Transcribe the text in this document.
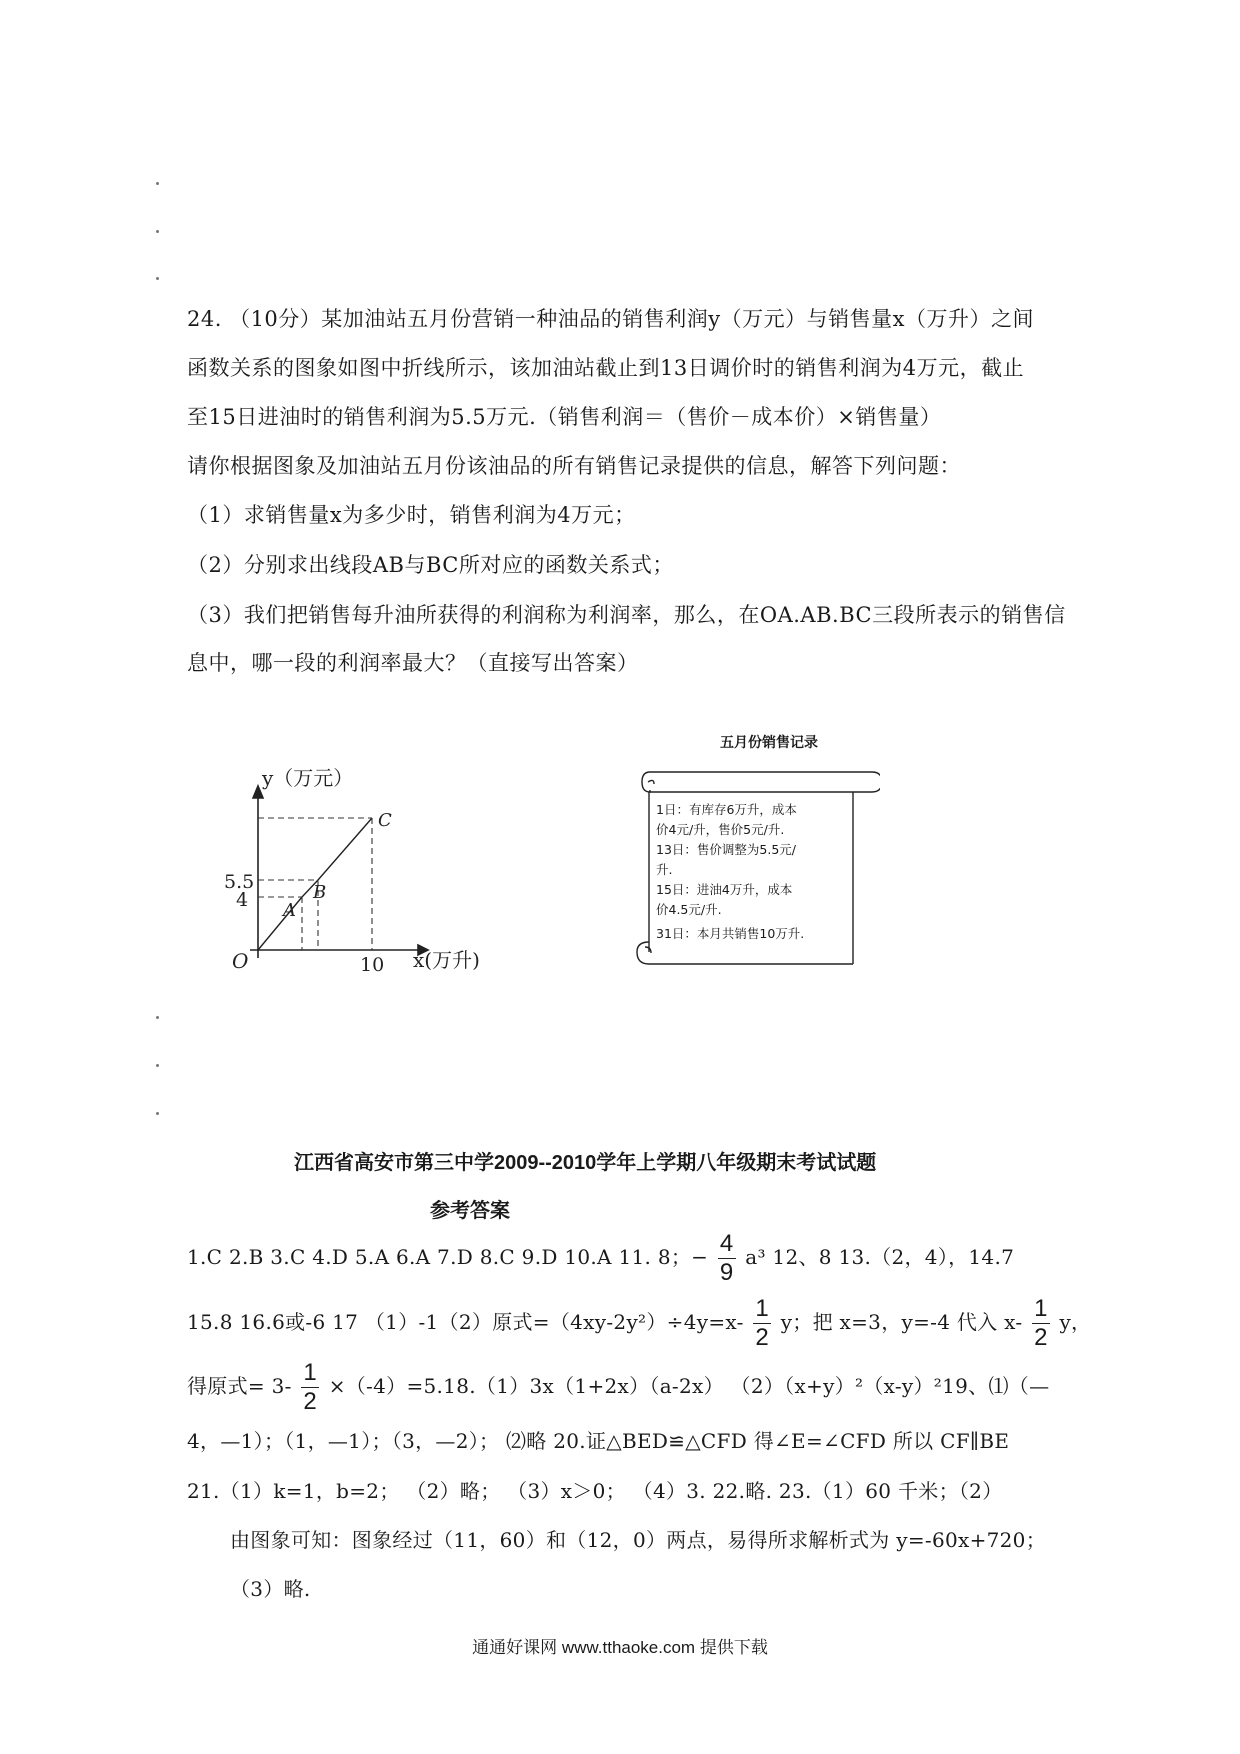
24. （10分）某加油站五月份营销一种油品的销售利润y（万元）与销售量x（万升）之间
函数关系的图象如图中折线所示，该加油站截止到13日调价时的销售利润为4万元，截止
至15日进油时的销售利润为5.5万元.（销售利润＝（售价－成本价）×销售量）
请你根据图象及加油站五月份该油品的所有销售记录提供的信息，解答下列问题：
（1）求销售量x为多少时，销售利润为4万元；
（2）分别求出线段AB与BC所对应的函数关系式；
（3）我们把销售每升油所获得的利润称为利润率，那么，在OA.AB.BC三段所表示的销售信
息中，哪一段的利润率最大？（直接写出答案）
y（万元）
x(万升)
O
5.5
4
10
A
B
C
五月份销售记录
1日：有库存6万升，成本
价4元/升，售价5元/升.
13日：售价调整为5.5元/
升.
15日：进油4万升，成本
价4.5元/升.
31日：本月共销售10万升.
江西省高安市第三中学2009--2010学年上学期八年级期末考试试题
参考答案
1.C 2.B 3.C 4.D 5.A 6.A 7.D 8.C 9.D 10.A 11. 8；− $\frac{4}{9} a^3$ 12、8 13.（2，4），14.7
15.8 16.6或-6 17 （1）-1（2）原式$=(4xy-2y^2)\div 4y=x- \frac{1}{2}$ y；把 x=3，y=-4 代入 $x- \frac{1}{2}$ y，
得原式= $3- \frac{1}{2} \times(-4)=5.18.(1)3x(1+2x)(a-2x)$ （2）（x+y）²（x-y）²19、⑴（—
4，—1）；（1，—1）；（3，—2）； ⑵略 20.证△BED≌△CFD 得∠E=∠CFD 所以 CF∥BE
21.（1）k=1，b=2； （2）略； （3）x＞0； （4）3. 22.略. 23.（1）60 千米；（2）
由图象可知：图象经过（11，60）和（12，0）两点，易得所求解析式为 y=-60x+720；
（3）略.
通通好课网 www.tthaoke.com 提供下载
